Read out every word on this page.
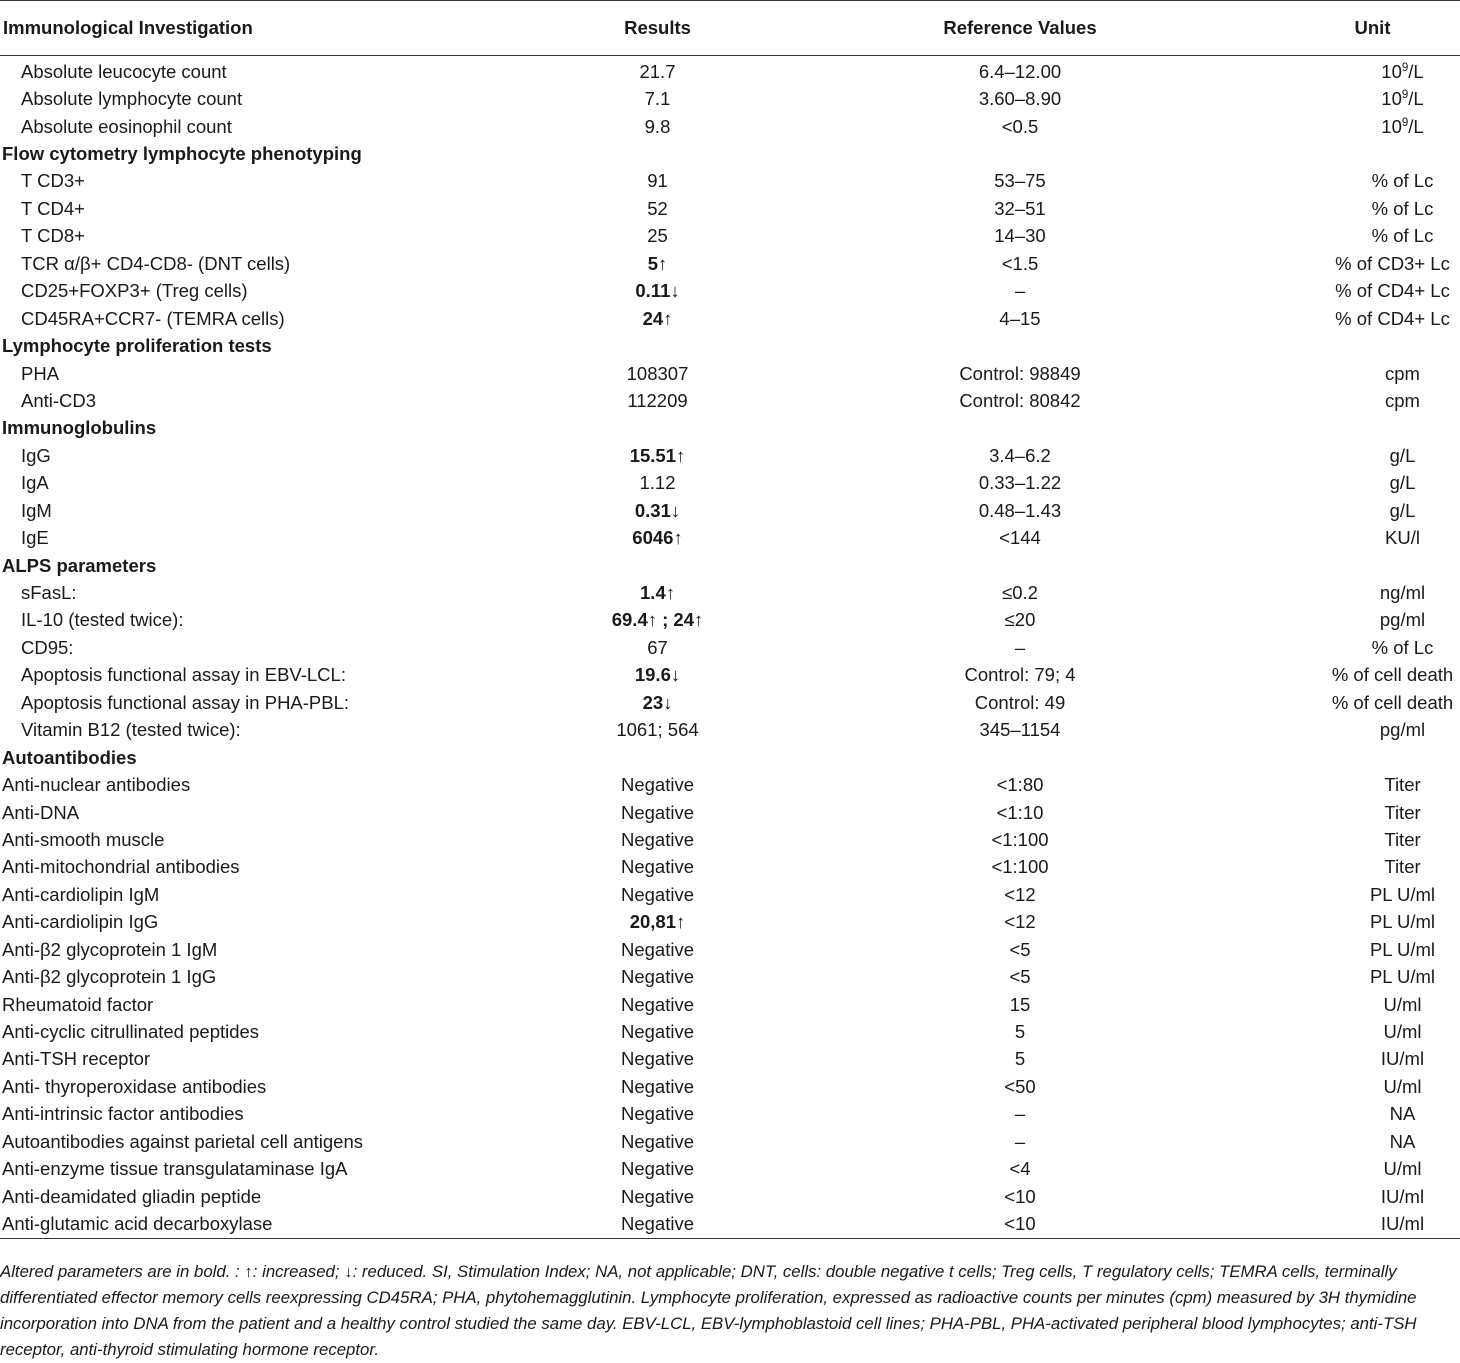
Immunological Investigation	Results	Reference Values	Unit
Absolute leucocyte count	21.7	6.4–12.00	$10^9/L$
Absolute lymphocyte count	7.1	3.60–8.90	$10^9/L$
Absolute eosinophil count	9.8	<0.5	$10^9/L$
Flow cytometry lymphocyte phenotyping			
T CD3+	91	53–75	% of Lc
T CD4+	52	32–51	% of Lc
T CD8+	25	14–30	% of Lc
TCR α/β+ CD4-CD8- (DNT cells)	5↑	<1.5	% of CD3+ Lc
CD25+FOXP3+ (Treg cells)	0.11↓	–	% of CD4+ Lc
CD45RA+CCR7- (TEMRA cells)	24↑	4–15	% of CD4+ Lc
Lymphocyte proliferation tests			
PHA	108307	Control: 98849	cpm
Anti-CD3	112209	Control: 80842	cpm
Immunoglobulins			
IgG	15.51↑	3.4–6.2	g/L
IgA	1.12	0.33–1.22	g/L
IgM	0.31↓	0.48–1.43	g/L
IgE	6046↑	<144	KU/l
ALPS parameters			
sFasL:	1.4↑	≤0.2	ng/ml
IL-10 (tested twice):	69.4↑ ; 24↑	≤20	pg/ml
CD95:	67	–	% of Lc
Apoptosis functional assay in EBV-LCL:	19.6↓	Control: 79; 4	% of cell death
Apoptosis functional assay in PHA-PBL:	23↓	Control: 49	% of cell death
Vitamin B12 (tested twice):	1061; 564	345–1154	pg/ml
Autoantibodies			
Anti-nuclear antibodies	Negative	<1:80	Titer
Anti-DNA	Negative	<1:10	Titer
Anti-smooth muscle	Negative	<1:100	Titer
Anti-mitochondrial antibodies	Negative	<1:100	Titer
Anti-cardiolipin IgM	Negative	<12	PL U/ml
Anti-cardiolipin IgG	20,81↑	<12	PL U/ml
Anti-β2 glycoprotein 1 IgM	Negative	<5	PL U/ml
Anti-β2 glycoprotein 1 IgG	Negative	<5	PL U/ml
Rheumatoid factor	Negative	15	U/ml
Anti-cyclic citrullinated peptides	Negative	5	U/ml
Anti-TSH receptor	Negative	5	IU/ml
Anti- thyroperoxidase antibodies	Negative	<50	U/ml
Anti-intrinsic factor antibodies	Negative	–	NA
Autoantibodies against parietal cell antigens	Negative	–	NA
Anti-enzyme tissue transgulataminase IgA	Negative	<4	U/ml
Anti-deamidated gliadin peptide	Negative	<10	IU/ml
Anti-glutamic acid decarboxylase	Negative	<10	IU/ml
Altered parameters are in bold. : ↑: increased; ↓: reduced. SI, Stimulation Index; NA, not applicable; DNT, cells: double negative t cells; Treg cells, T regulatory cells; TEMRA cells, terminally differentiated effector memory cells reexpressing CD45RA; PHA, phytohemagglutinin. Lymphocyte proliferation, expressed as radioactive counts per minutes (cpm) measured by 3H thymidine incorporation into DNA from the patient and a healthy control studied the same day. EBV-LCL, EBV-lymphoblastoid cell lines; PHA-PBL, PHA-activated peripheral blood lymphocytes; anti-TSH receptor, anti-thyroid stimulating hormone receptor.
